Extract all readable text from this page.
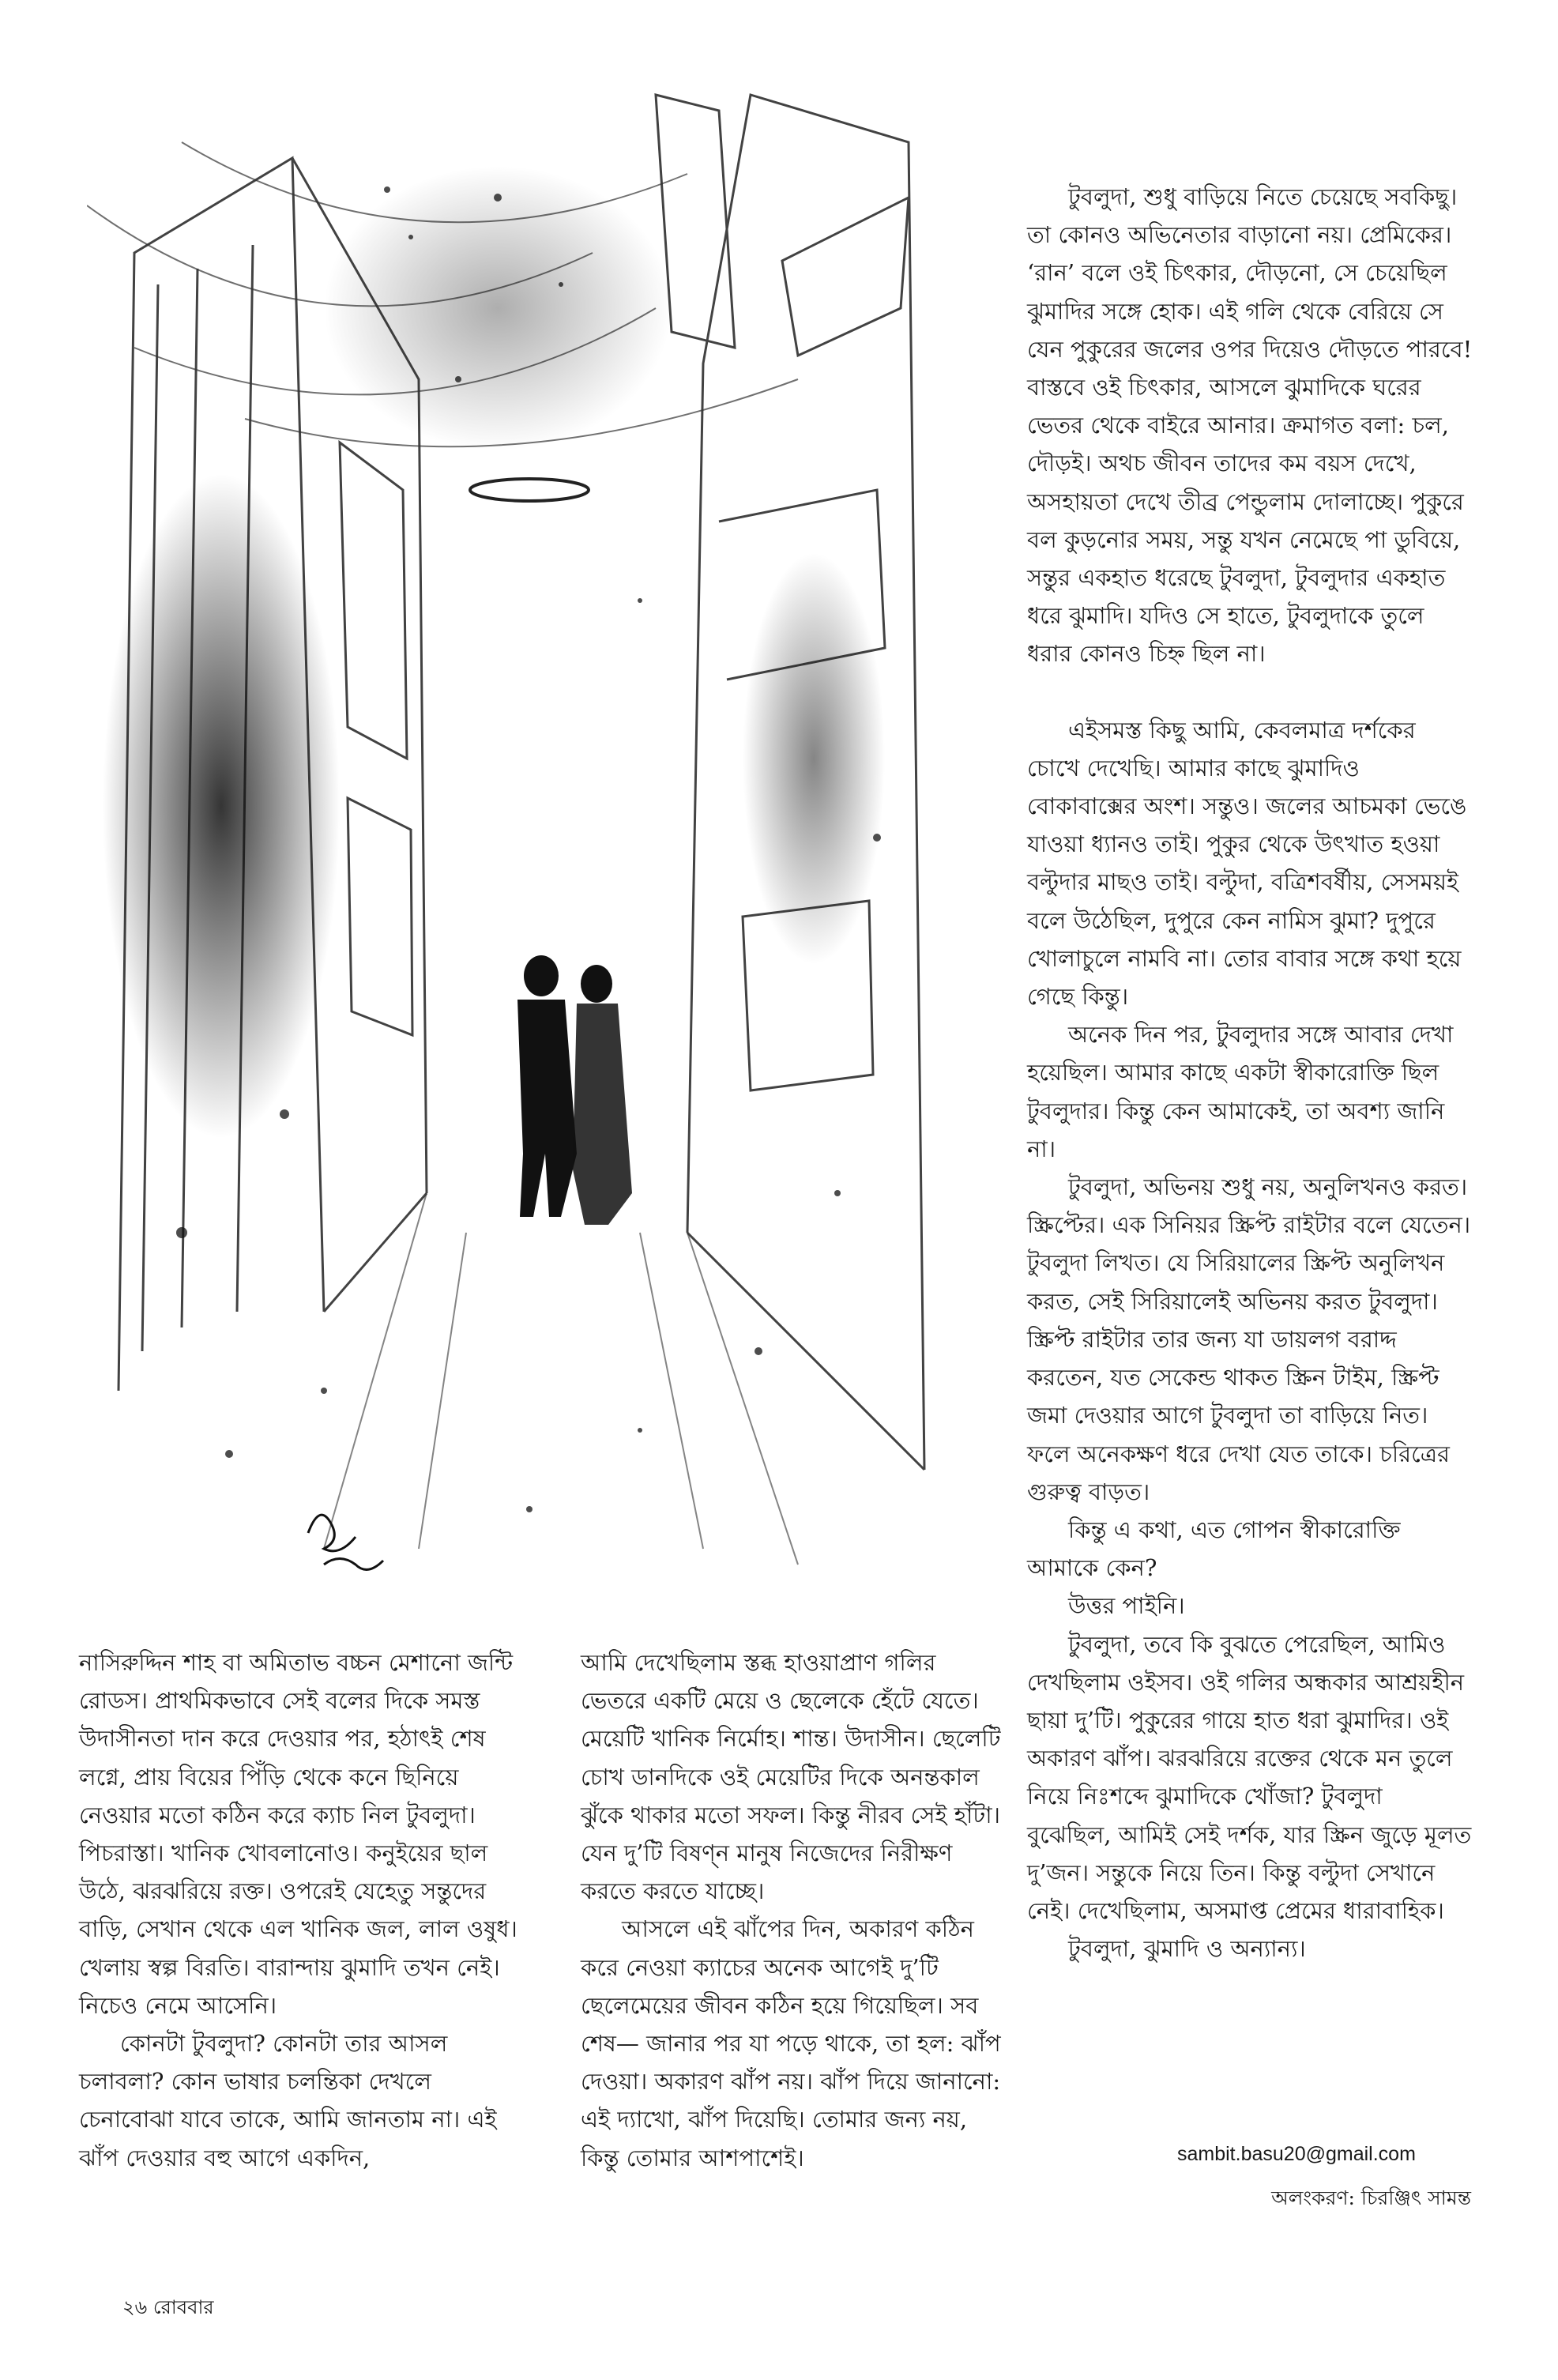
টুবলুদা, শুধু বাড়িয়ে নিতে চেয়েছে সবকিছু। তা কোনও অভিনেতার বাড়ানো নয়। প্রেমিকের। ‘রান’ বলে ওই চিৎকার, দৌড়নো, সে চেয়েছিল ঝুমাদির সঙ্গে হোক। এই গলি থেকে বেরিয়ে সে যেন পুকুরের জলের ওপর দিয়েও দৌড়তে পারবে! বাস্তবে ওই চিৎকার, আসলে ঝুমাদিকে ঘরের ভেতর থেকে বাইরে আনার। ক্রমাগত বলা: চল, দৌড়ই। অথচ জীবন তাদের কম বয়স দেখে, অসহায়তা দেখে তীব্র পেন্ডুলাম দোলাচ্ছে। পুকুরে বল কুড়নোর সময়, সন্তু যখন নেমেছে পা ডুবিয়ে, সন্তুর একহাত ধরেছে টুবলুদা, টুবলুদার একহাত ধরে ঝুমাদি। যদিও সে হাতে, টুবলুদাকে তুলে ধরার কোনও চিহ্ন ছিল না।

এইসমস্ত কিছু আমি, কেবলমাত্র দর্শকের চোখে দেখেছি। আমার কাছে ঝুমাদিও বোকাবাক্সের অংশ। সন্তুও। জলের আচমকা ভেঙে যাওয়া ধ্যানও তাই। পুকুর থেকে উৎখাত হওয়া বল্টুদার মাছও তাই। বল্টুদা, বত্রিশবর্ষীয়, সেসময়ই বলে উঠেছিল, দুপুরে কেন নামিস ঝুমা? দুপুরে খোলাচুলে নামবি না। তোর বাবার সঙ্গে কথা হয়ে গেছে কিন্তু।

অনেক দিন পর, টুবলুদার সঙ্গে আবার দেখা হয়েছিল। আমার কাছে একটা স্বীকারোক্তি ছিল টুবলুদার। কিন্তু কেন আমাকেই, তা অবশ্য জানি না।

টুবলুদা, অভিনয় শুধু নয়, অনুলিখনও করত। স্ক্রিপ্টের। এক সিনিয়র স্ক্রিপ্ট রাইটার বলে যেতেন। টুবলুদা লিখত। যে সিরিয়ালের স্ক্রিপ্ট অনুলিখন করত, সেই সিরিয়ালেই অভিনয় করত টুবলুদা। স্ক্রিপ্ট রাইটার তার জন্য যা ডায়লগ বরাদ্দ করতেন, যত সেকেন্ড থাকত স্ক্রিন টাইম, স্ক্রিপ্ট জমা দেওয়ার আগে টুবলুদা তা বাড়িয়ে নিত। ফলে অনেকক্ষণ ধরে দেখা যেত তাকে। চরিত্রের গুরুত্ব বাড়ত।

কিন্তু এ কথা, এত গোপন স্বীকারোক্তি আমাকে কেন?

উত্তর পাইনি।

টুবলুদা, তবে কি বুঝতে পেরেছিল, আমিও দেখছিলাম ওইসব। ওই গলির অন্ধকার আশ্রয়হীন ছায়া দু’টি। পুকুরের গায়ে হাত ধরা ঝুমাদির। ওই অকারণ ঝাঁপ। ঝরঝরিয়ে রক্তের থেকে মন তুলে নিয়ে নিঃশব্দে ঝুমাদিকে খোঁজা? টুবলুদা বুঝেছিল, আমিই সেই দর্শক, যার স্ক্রিন জুড়ে মূলত দু’জন। সন্তুকে নিয়ে তিন। কিন্তু বল্টুদা সেখানে নেই। দেখেছিলাম, অসমাপ্ত প্রেমের ধারাবাহিক।

টুবলুদা, ঝুমাদি ও অন্যান্য।

নাসিরুদ্দিন শাহ বা অমিতাভ বচ্চন মেশানো জন্টি রোডস। প্রাথমিকভাবে সেই বলের দিকে সমস্ত উদাসীনতা দান করে দেওয়ার পর, হঠাৎই শেষ লগ্নে, প্রায় বিয়ের পিঁড়ি থেকে কনে ছিনিয়ে নেওয়ার মতো কঠিন করে ক্যাচ নিল টুবলুদা। পিচরাস্তা। খানিক খোবলানোও। কনুইয়ের ছাল উঠে, ঝরঝরিয়ে রক্ত। ওপরেই যেহেতু সন্তুদের বাড়ি, সেখান থেকে এল খানিক জল, লাল ওষুধ। খেলায় স্বল্প বিরতি। বারান্দায় ঝুমাদি তখন নেই। নিচেও নেমে আসেনি।

কোনটা টুবলুদা? কোনটা তার আসল চলাবলা? কোন ভাষার চলন্তিকা দেখলে চেনাবোঝা যাবে তাকে, আমি জানতাম না। এই ঝাঁপ দেওয়ার বহু আগে একদিন,

আমি দেখেছিলাম স্তব্ধ হাওয়াপ্রাণ গলির ভেতরে একটি মেয়ে ও ছেলেকে হেঁটে যেতে। মেয়েটি খানিক নির্মোহ। শান্ত। উদাসীন। ছেলেটি চোখ ডানদিকে ওই মেয়েটির দিকে অনন্তকাল ঝুঁকে থাকার মতো সফল। কিন্তু নীরব সেই হাঁটা। যেন দু’টি বিষণ্ন মানুষ নিজেদের নিরীক্ষণ করতে করতে যাচ্ছে।

আসলে এই ঝাঁপের দিন, অকারণ কঠিন করে নেওয়া ক্যাচের অনেক আগেই দু’টি ছেলেমেয়ের জীবন কঠিন হয়ে গিয়েছিল। সব শেষ— জানার পর যা পড়ে থাকে, তা হল: ঝাঁপ দেওয়া। অকারণ ঝাঁপ নয়। ঝাঁপ দিয়ে জানানো: এই দ্যাখো, ঝাঁপ দিয়েছি। তোমার জন্য নয়, কিন্তু তোমার আশপাশেই।	sambit.basu20@gmail.com
অলংকরণ: চিরঞ্জিৎ সামন্ত
২৬ রোববার
